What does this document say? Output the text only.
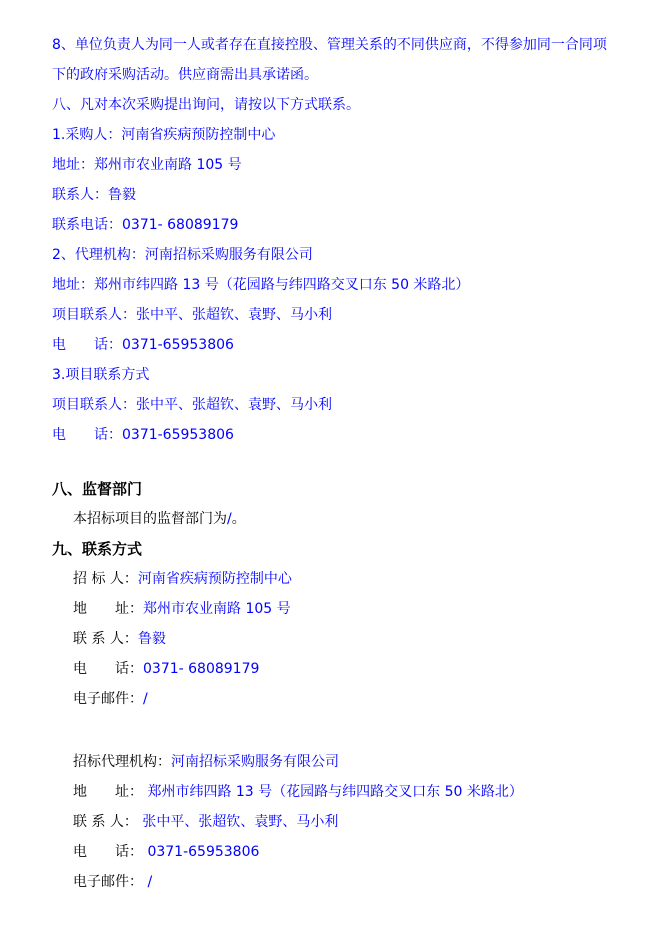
8、单位负责人为同一人或者存在直接控股、管理关系的不同供应商，不得参加同一合同项

下的政府采购活动。供应商需出具承诺函。

八、凡对本次采购提出询问，请按以下方式联系。

1.采购人：河南省疾病预防控制中心

地址：郑州市农业南路 105 号

联系人：鲁毅

联系电话：0371- 68089179

2、代理机构：河南招标采购服务有限公司

地址：郑州市纬四路 13 号（花园路与纬四路交叉口东 50 米路北）

项目联系人：张中平、张超钦、袁野、马小利

电　　话：0371-65953806

3.项目联系方式

项目联系人：张中平、张超钦、袁野、马小利

电　　话：0371-65953806

八、监督部门

本招标项目的监督部门为/。

九、联系方式

招 标 人：河南省疾病预防控制中心

地　　址：郑州市农业南路 105 号

联 系 人：鲁毅

电　　话：0371- 68089179

电子邮件：/

招标代理机构：河南招标采购服务有限公司

地　　址： 郑州市纬四路 13 号（花园路与纬四路交叉口东 50 米路北）

联 系 人： 张中平、张超钦、袁野、马小利

电　　话： 0371-65953806

电子邮件： /
